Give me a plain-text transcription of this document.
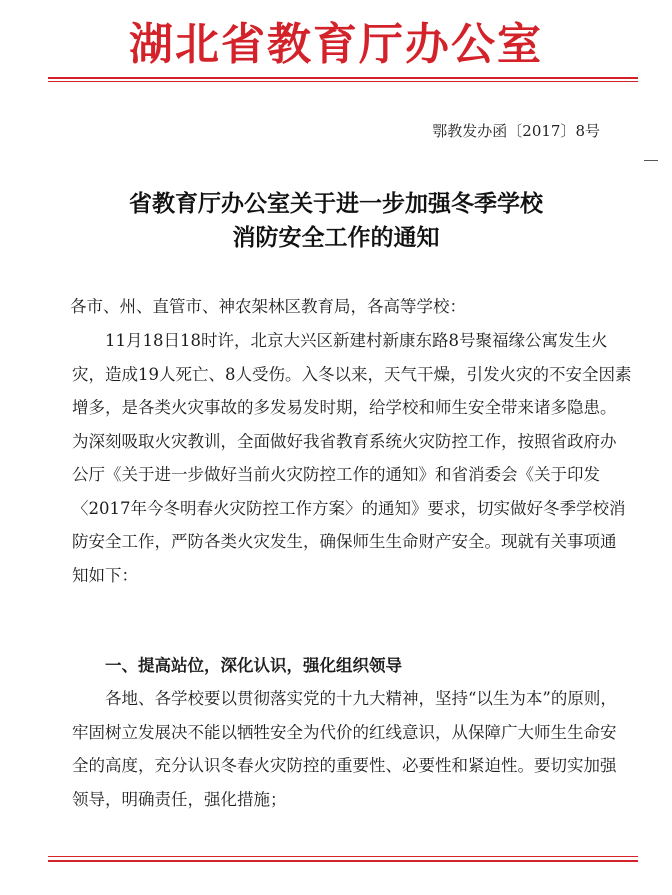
湖北省教育厅办公室
鄂教发办函〔2017〕8号
省教育厅办公室关于进一步加强冬季学校
消防安全工作的通知
各市、州、直管市、神农架林区教育局，各高等学校：
11月18日18时许，北京大兴区新建村新康东路8号聚福缘公寓发生火灾，造成19人死亡、8人受伤。入冬以来，天气干燥，引发火灾的不安全因素增多，是各类火灾事故的多发易发时期，给学校和师生安全带来诸多隐患。为深刻吸取火灾教训，全面做好我省教育系统火灾防控工作，按照省政府办公厅《关于进一步做好当前火灾防控工作的通知》和省消委会《关于印发〈2017年今冬明春火灾防控工作方案〉的通知》要求，切实做好冬季学校消防安全工作，严防各类火灾发生，确保师生生命财产安全。现就有关事项通知如下：
一、提高站位，深化认识，强化组织领导
各地、各学校要以贯彻落实党的十九大精神，坚持“以生为本”的原则，牢固树立发展决不能以牺牲安全为代价的红线意识，从保障广大师生生命安全的高度，充分认识冬春火灾防控的重要性、必要性和紧迫性。要切实加强领导，明确责任，强化措施；
